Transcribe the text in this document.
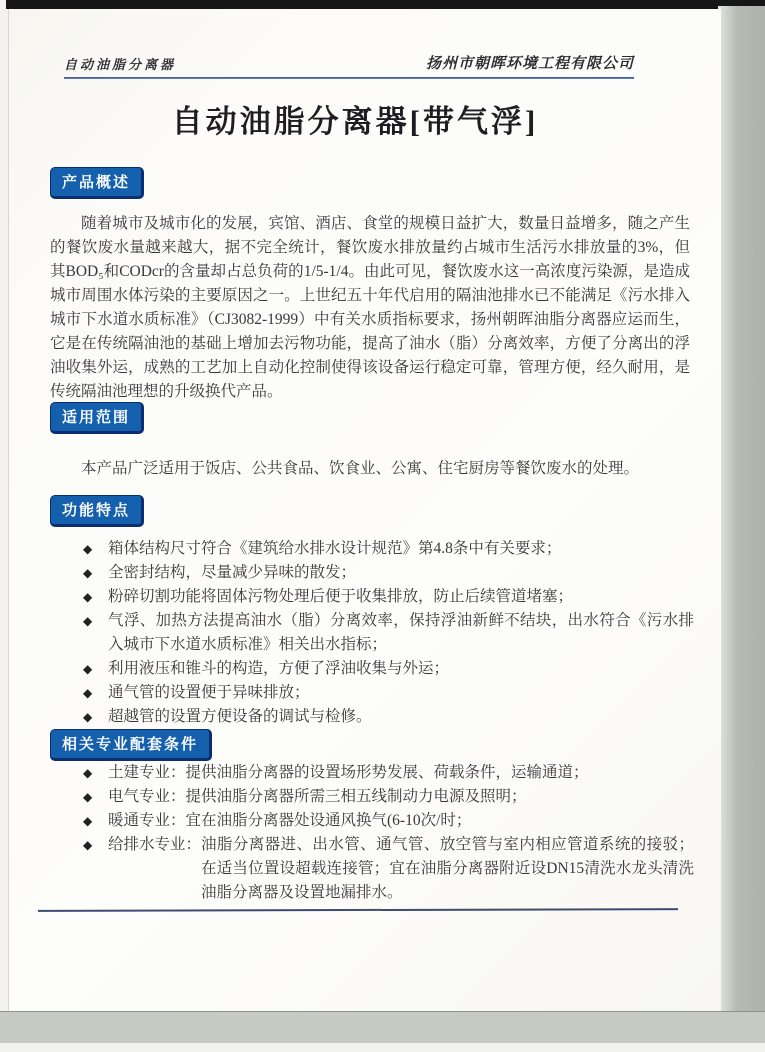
自动油脂分离器	扬州市朝晖环境工程有限公司
自动油脂分离器[带气浮]
产品概述

随着城市及城市化的发展，宾馆、酒店、食堂的规模日益扩大，数量日益增多，随之产生的餐饮废水量越来越大，据不完全统计，餐饮废水排放量约占城市生活污水排放量的3%，但其BOD₅和CODcr的含量却占总负荷的1/5-1/4。由此可见，餐饮废水这一高浓度污染源，是造成城市周围水体污染的主要原因之一。上世纪五十年代启用的隔油池排水已不能满足《污水排入城市下水道水质标准》（CJ3082-1999）中有关水质指标要求，扬州朝晖油脂分离器应运而生，它是在传统隔油池的基础上增加去污物功能，提高了油水（脂）分离效率，方便了分离出的浮油收集外运，成熟的工艺加上自动化控制使得该设备运行稳定可靠，管理方便，经久耐用，是传统隔油池理想的升级换代产品。

适用范围

本产品广泛适用于饭店、公共食品、饮食业、公寓、住宅厨房等餐饮废水的处理。

功能特点
◆	箱体结构尺寸符合《建筑给水排水设计规范》第4.8条中有关要求；
◆	全密封结构，尽量减少异味的散发；
◆	粉碎切割功能将固体污物处理后便于收集排放，防止后续管道堵塞；
◆	气浮、加热方法提高油水（脂）分离效率，保持浮油新鲜不结块，出水符合《污水排入城市下水道水质标准》相关出水指标；
◆	利用液压和锥斗的构造，方便了浮油收集与外运；
◆	通气管的设置便于异味排放；
◆	超越管的设置方便设备的调试与检修。
相关专业配套条件
◆	土建专业： 提供油脂分离器的设置场形势发展、荷载条件，运输通道；
◆	电气专业： 提供油脂分离器所需三相五线制动力电源及照明；
◆	暖通专业： 宜在油脂分离器处设通风换气(6-10次/时；
◆	给排水专业： 油脂分离器进、出水管、通气管、放空管与室内相应管道系统的接驳；在适当位置设超载连接管；宜在油脂分离器附近设DN15清洗水龙头清洗油脂分离器及设置地漏排水。
